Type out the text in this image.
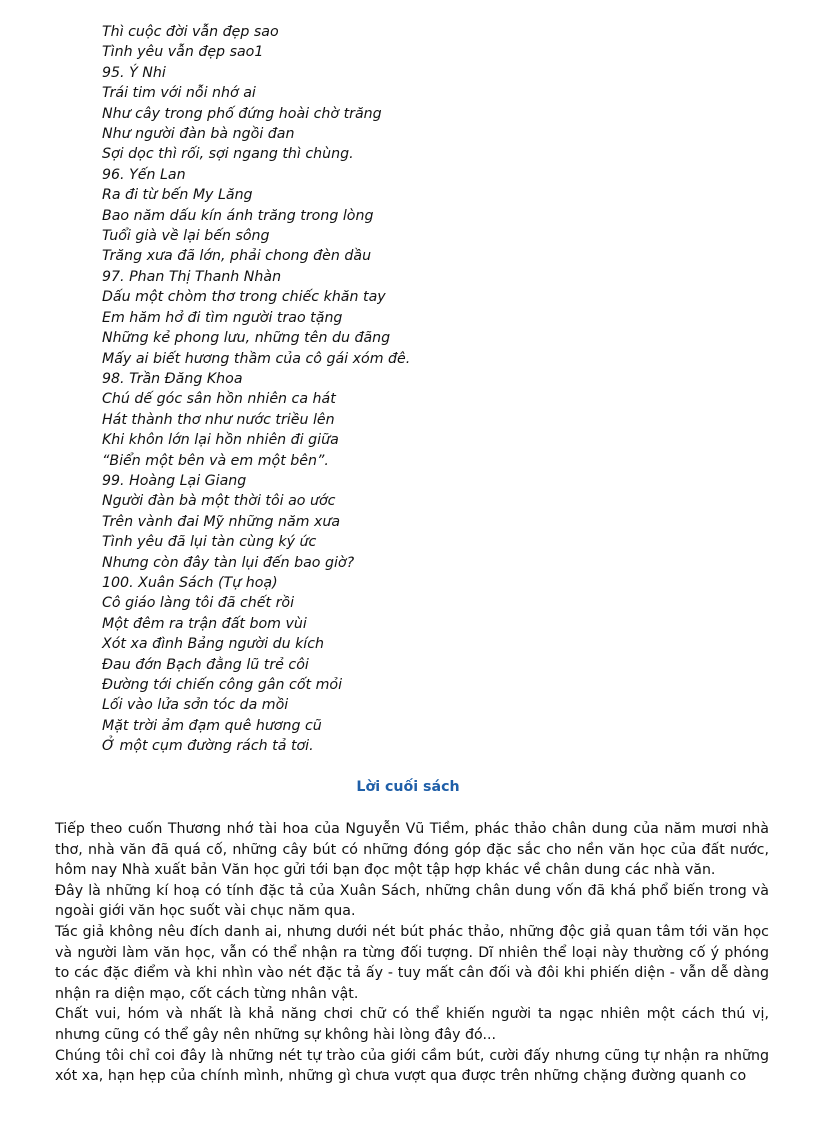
Thì cuộc đời vẫn đẹp sao
Tình yêu vẫn đẹp sao1
95. Ý Nhi
Trái tim với nỗi nhớ ai
Như cây trong phố đứng hoài chờ trăng
Như người đàn bà ngồi đan
Sợi dọc thì rối, sợi ngang thì chùng.
96. Yến Lan
Ra đi từ bến My Lăng
Bao năm dấu kín ánh trăng trong lòng
Tuổi già về lại bến sông
Trăng xưa đã lớn, phải chong đèn dầu
97. Phan Thị Thanh Nhàn
Dấu một chòm thơ trong chiếc khăn tay
Em hăm hở đi tìm người trao tặng
Những kẻ phong lưu, những tên du đãng
Mấy ai biết hương thầm của cô gái xóm đê.
98. Trần Đăng Khoa
Chú dế góc sân hồn nhiên ca hát
Hát thành thơ như nước triều lên
Khi khôn lớn lại hồn nhiên đi giữa
“Biển một bên và em một bên”.
99. Hoàng Lại Giang
Người đàn bà một thời tôi ao ước
Trên vành đai Mỹ những năm xưa
Tình yêu đã lụi tàn cùng ký ức
Nhưng còn đây tàn lụi đến bao giờ?
100. Xuân Sách (Tự hoạ)
Cô giáo làng tôi đã chết rồi
Một đêm ra trận đất bom vùi
Xót xa đình Bảng người du kích
Đau đớn Bạch đằng lũ trẻ côi
Đường tới chiến công gân cốt mỏi
Lối vào lửa sởn tóc da mồi
Mặt trời ảm đạm quê hương cũ
Ở một cụm đường rách tả tơi.
Lời cuối sách

Tiếp theo cuốn Thương nhớ tài hoa của Nguyễn Vũ Tiềm, phác thảo chân dung của năm mươi nhà thơ, nhà văn đã quá cố, những cây bút có những đóng góp đặc sắc cho nền văn học của đất nước, hôm nay Nhà xuất bản Văn học gửi tới bạn đọc một tập hợp khác về chân dung các nhà văn.

Đây là những kí hoạ có tính đặc tả của Xuân Sách, những chân dung vốn đã khá phổ biến trong và ngoài giới văn học suốt vài chục năm qua.

Tác giả không nêu đích danh ai, nhưng dưới nét bút phác thảo, những độc giả quan tâm tới văn học và người làm văn học, vẫn có thể nhận ra từng đối tượng. Dĩ nhiên thể loại này thường cố ý phóng to các đặc điểm và khi nhìn vào nét đặc tả ấy - tuy mất cân đối và đôi khi phiến diện - vẫn dễ dàng nhận ra diện mạo, cốt cách từng nhân vật.

Chất vui, hóm và nhất là khả năng chơi chữ có thể khiến người ta ngạc nhiên một cách thú vị, nhưng cũng có thể gây nên những sự không hài lòng đây đó...

Chúng tôi chỉ coi đây là những nét tự trào của giới cầm bút, cười đấy nhưng cũng tự nhận ra những xót xa, hạn hẹp của chính mình, những gì chưa vượt qua được trên những chặng đường quanh co
